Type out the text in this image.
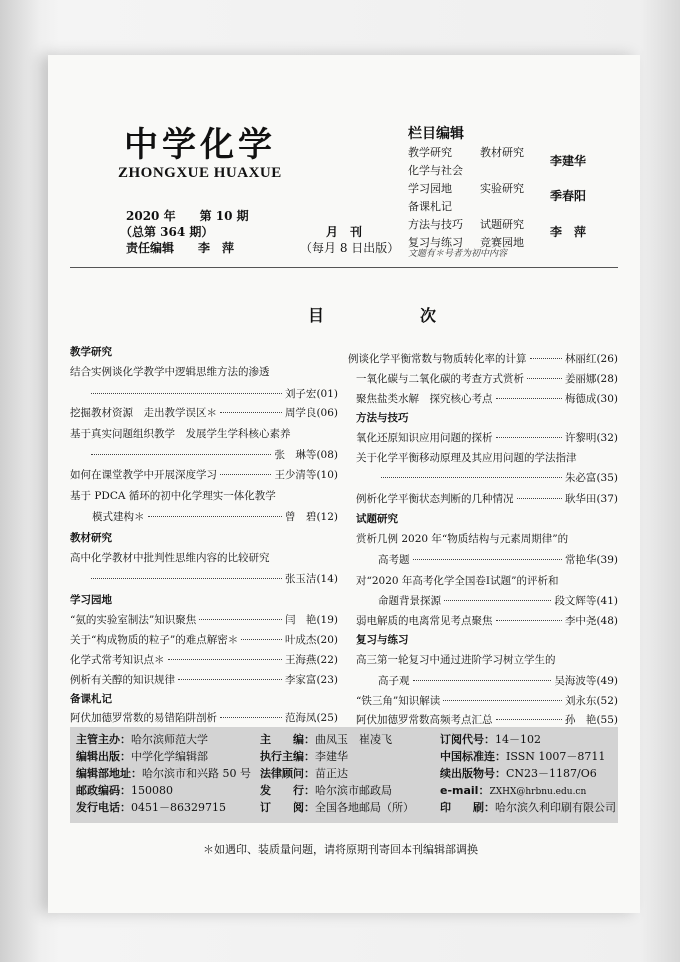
中学化学
ZHONGXUE HUAXUE
2020 年　　第 10 期
（总第 364 期）
责任编辑　　李　萍
月　刊
（每月 8 日出版）
栏目编辑
教学研究	教材研究
化学与社会
学习园地	实验研究
备课札记
方法与技巧	试题研究
复习与练习	竞赛园地
李建华
季春阳
李　萍
文题有＊号者为初中内容
目　次
教学研究
结合实例谈化学教学中逻辑思维方法的渗透
刘子宏 (01)
挖掘教材资源　走出教学误区＊	周学良 (06)
基于真实问题组织教学　发展学生学科核心素养
张　琳等 (08)
如何在课堂教学中开展深度学习	王少清等 (10)
基于 PDCA 循环的初中化学理实一体化教学
模式建构＊	曾　碧 (12)
教材研究
高中化学教材中批判性思维内容的比较研究
张玉洁 (14)
学习园地
“氨的实验室制法”知识聚焦	闫　艳 (19)
关于“构成物质的粒子”的难点解密＊	叶成杰 (20)
化学式常考知识点＊	王海燕 (22)
例析有关醇的知识规律	李家富 (23)
备课札记
阿伏加德罗常数的易错陷阱剖析	范海凤 (25)
例谈化学平衡常数与物质转化率的计算	林丽红 (26)
一氧化碳与二氧化碳的考查方式赏析	姜丽娜 (28)
聚焦盐类水解　探究核心考点	梅德成 (30)
方法与技巧
氧化还原知识应用问题的探析	许黎明 (32)
关于化学平衡移动原理及其应用问题的学法指津
朱必富 (35)
例析化学平衡状态判断的几种情况	耿华田 (37)
试题研究
赏析几例 2020 年“物质结构与元素周期律”的
高考题	常艳华 (39)
对“2020 年高考化学全国卷Ⅰ试题”的评析和
命题背景探源	段文辉等 (41)
弱电解质的电离常见考点聚焦	李中尧 (48)
复习与练习
高三第一轮复习中通过进阶学习树立学生的
高子观	吴海波等 (49)
“铁三角”知识解读	刘永东 (52)
阿伏加德罗常数高频考点汇总	孙　艳 (55)
主管主办：哈尔滨师范大学
编辑出版：中学化学编辑部
编辑部地址：哈尔滨市和兴路 50 号
邮政编码：150080
发行电话：0451－86329715
主　　编：曲凤玉　崔凌飞
执行主编：李建华
法律顾问：苗正达
发　　行：哈尔滨市邮政局
订　　阅：全国各地邮局（所）
订阅代号：14－102
中国标准连：ISSN 1007－8711
续出版物号：CN23－1187/O6
e-mail：ZXHX@hrbnu.edu.cn
印　　刷：哈尔滨久利印刷有限公司
＊如遇印、装质量问题，请将原期刊寄回本刊编辑部调换
